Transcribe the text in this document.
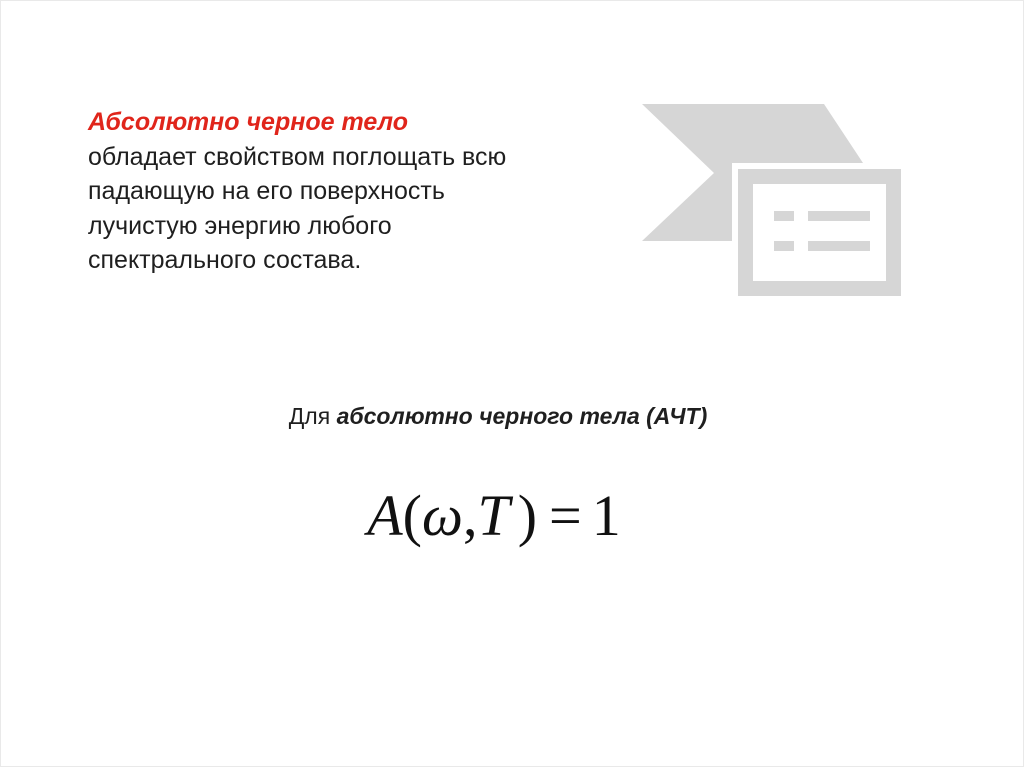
Абсолютно черное тело
обладает свойством поглощать всю
падающую на его поверхность
лучистую энергию любого
спектрального состава.
Для абсолютно черного тела (АЧТ)
A(ω,T ) = 1
